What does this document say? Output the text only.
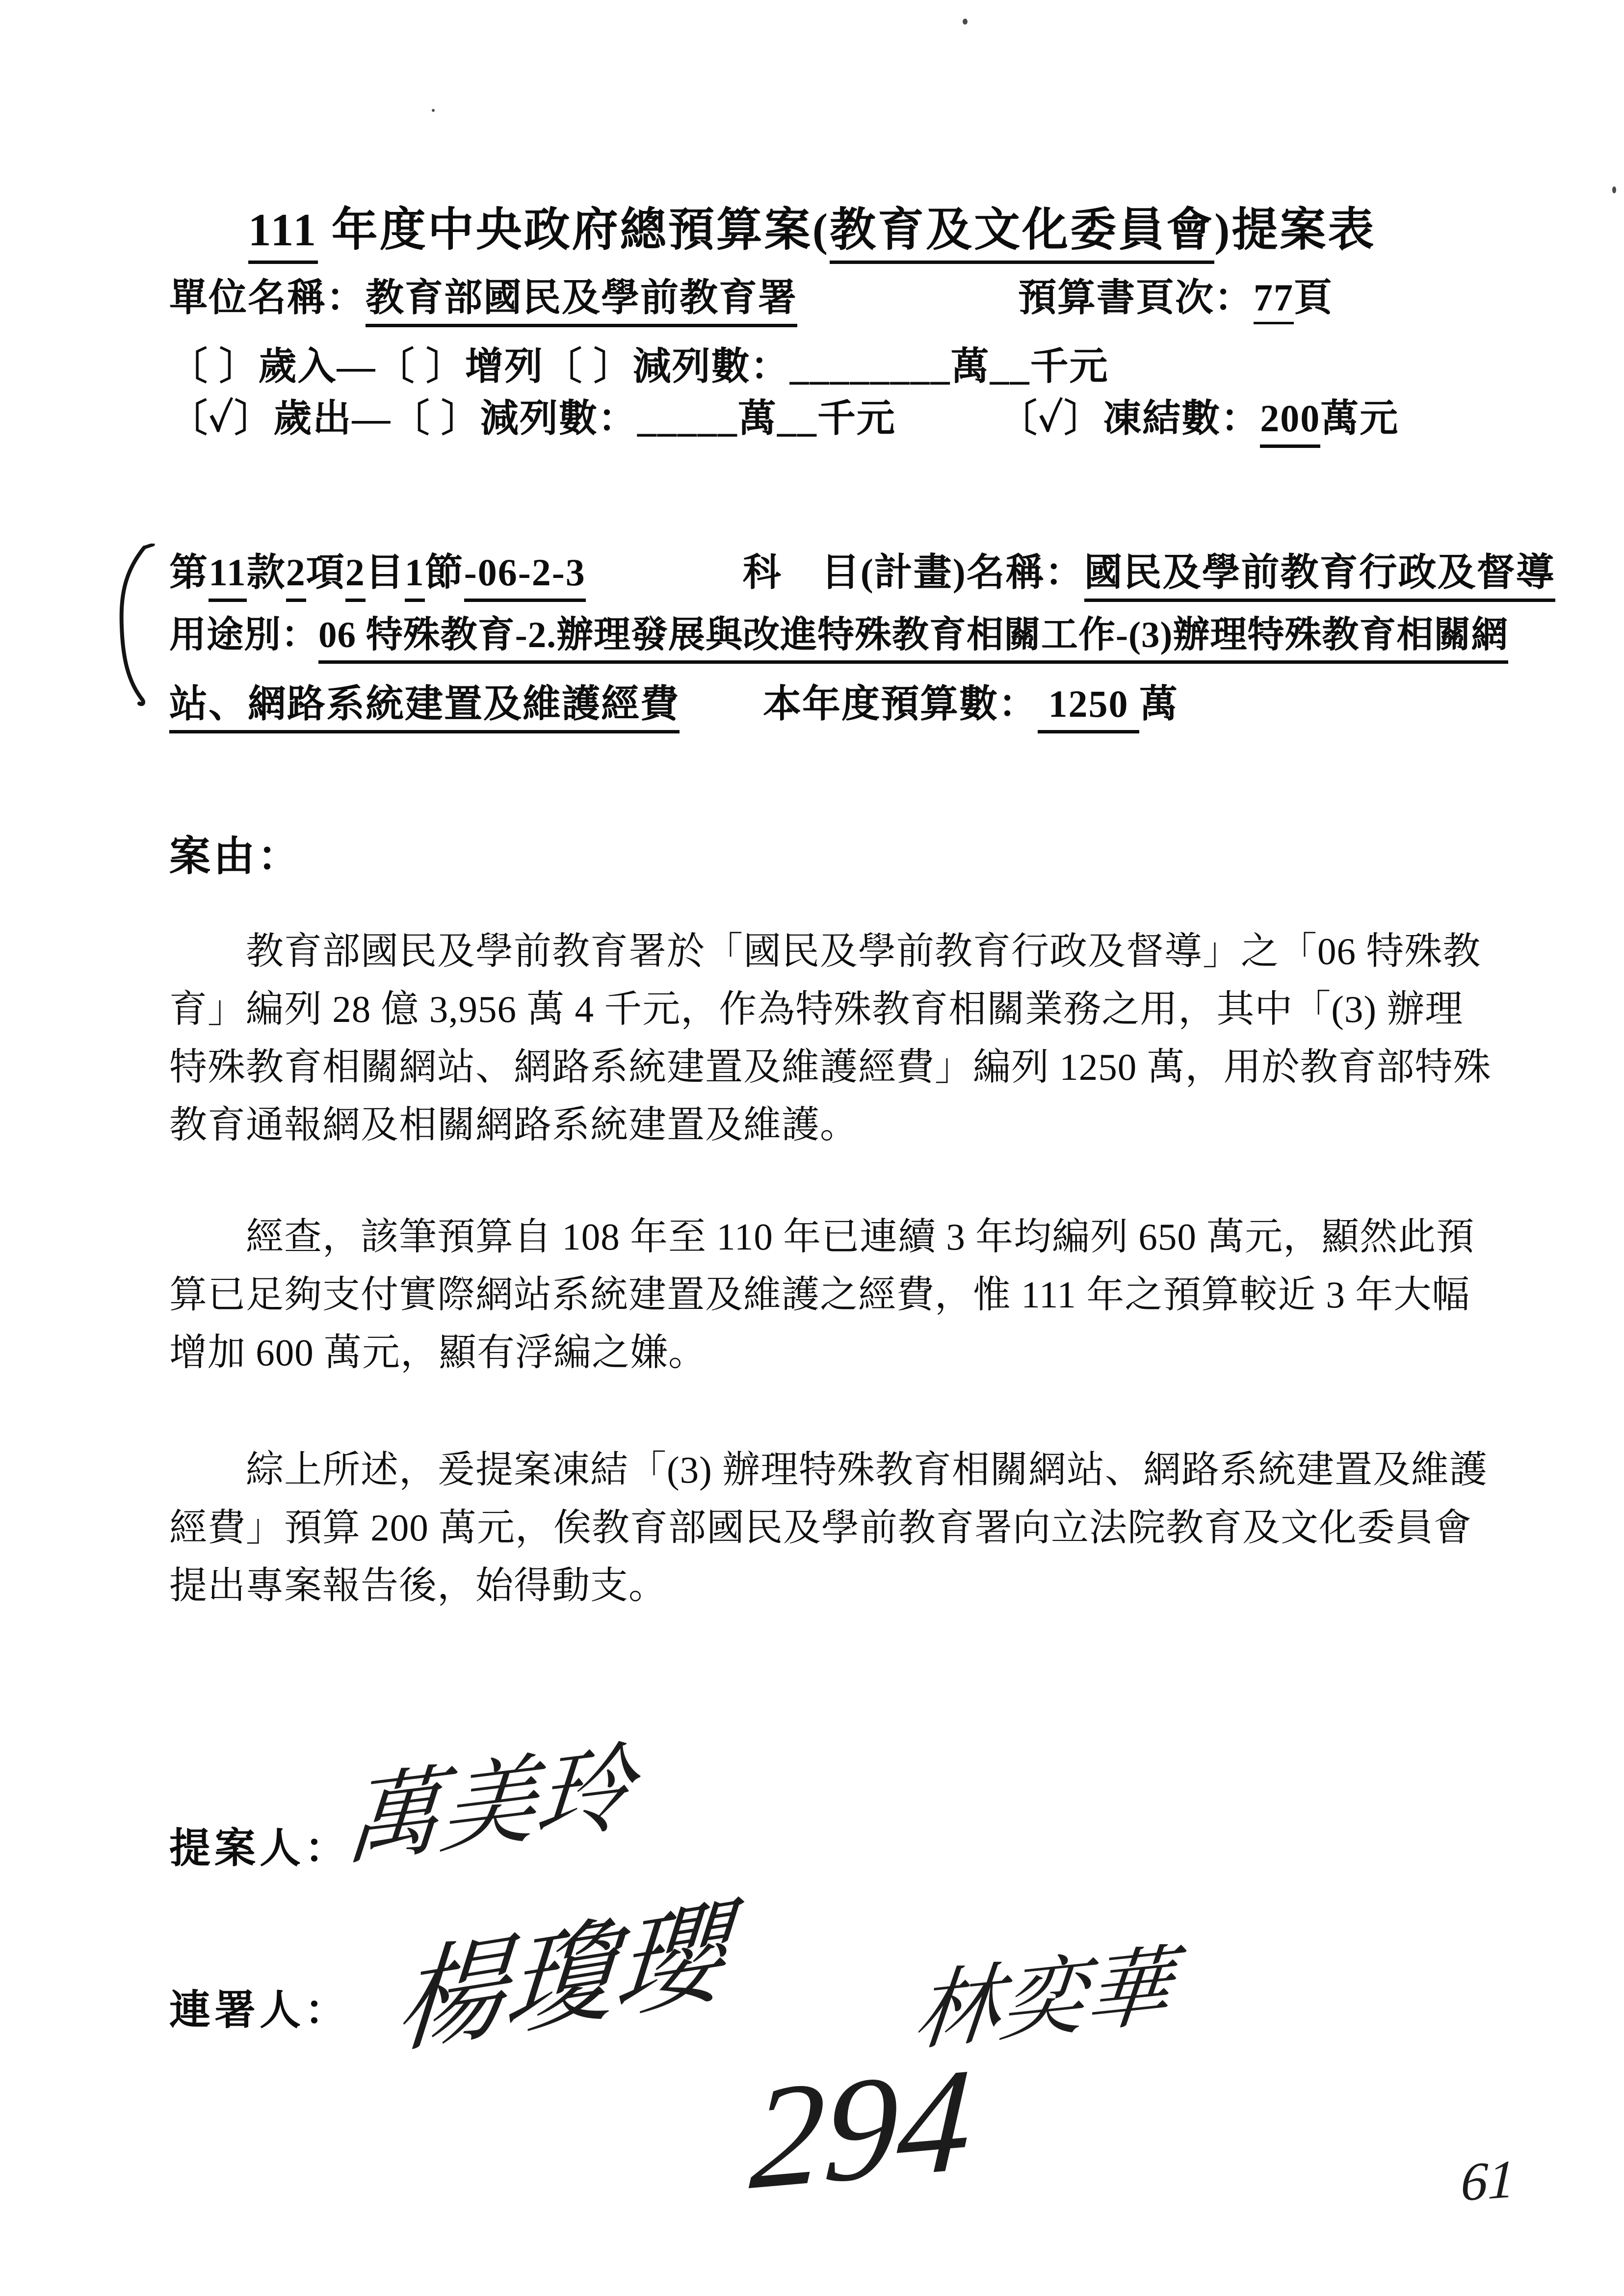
111 年度中央政府總預算案(教育及文化委員會)提案表
單位名稱：教育部國民及學前教育署	預算書頁次：77頁
〔 〕歲入—〔 〕增列〔 〕減列數：________萬__千元
〔✓〕歲出—〔 〕減列數：_____萬__千元	〔✓〕凍結數：200萬元
第11款2項2目1節-06-2-3	科　目(計畫)名稱：國民及學前教育行政及督導
用途別：06 特殊教育-2.辦理發展與改進特殊教育相關工作-(3)辦理特殊教育相關網
站、網路系統建置及維護經費 本年度預算數： 1250 萬
案由：
　　教育部國民及學前教育署於「國民及學前教育行政及督導」之「06 特殊教
育」編列 28 億 3,956 萬 4 千元，作為特殊教育相關業務之用，其中「(3) 辦理
特殊教育相關網站、網路系統建置及維護經費」編列 1250 萬，用於教育部特殊
教育通報網及相關網路系統建置及維護。
　　經查，該筆預算自 108 年至 110 年已連續 3 年均編列 650 萬元，顯然此預
算已足夠支付實際網站系統建置及維護之經費，惟 111 年之預算較近 3 年大幅
增加 600 萬元，顯有浮編之嫌。
　　綜上所述，爰提案凍結「(3) 辦理特殊教育相關網站、網路系統建置及維護
經費」預算 200 萬元，俟教育部國民及學前教育署向立法院教育及文化委員會
提出專案報告後，始得動支。
提案人：
萬美玲
連署人： 楊瓊瓔 林奕華
294	61
